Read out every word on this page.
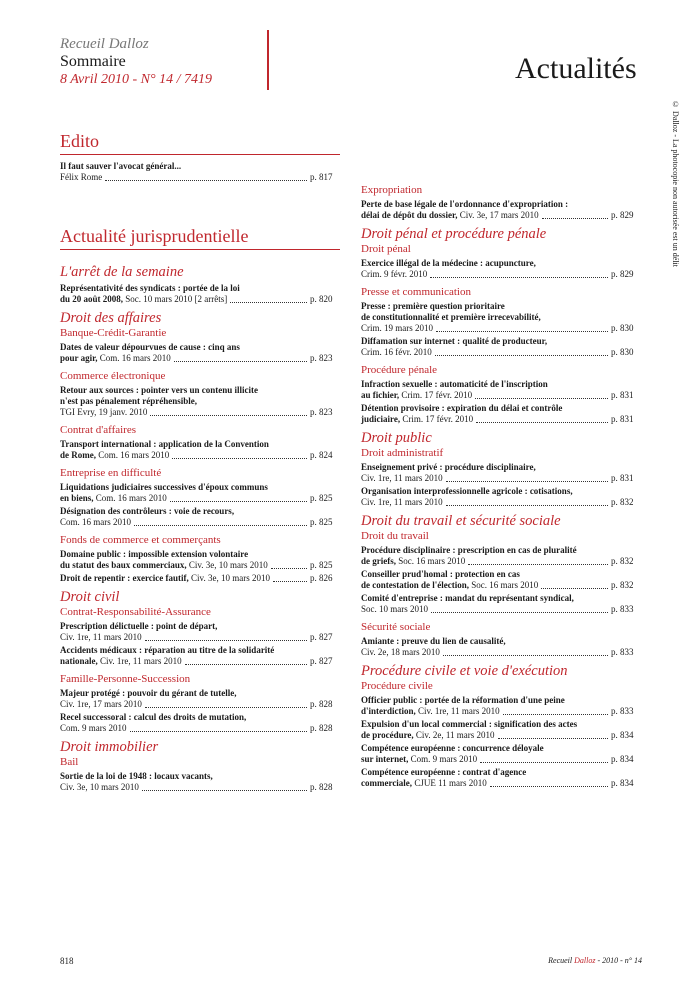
Recueil Dalloz
Sommaire
8 Avril 2010 - N° 14 / 7419	Actualités
© Dalloz - La photocopie non autorisée est un délit
Edito
Il faut sauver l'avocat général...
Félix Rome	p. 817
Actualité jurisprudentielle
L'arrêt de la semaine
Représentativité des syndicats : portée de la loi
du 20 août 2008, Soc. 10 mars 2010 [2 arrêts]	p. 820
Droit des affaires
Banque-Crédit-Garantie
Dates de valeur dépourvues de cause : cinq ans
pour agir, Com. 16 mars 2010	p. 823
Commerce électronique
Retour aux sources : pointer vers un contenu illicite
n'est pas pénalement répréhensible,
TGI Evry, 19 janv. 2010	p. 823
Contrat d'affaires
Transport international : application de la Convention
de Rome, Com. 16 mars 2010	p. 824
Entreprise en difficulté
Liquidations judiciaires successives d'époux communs
en biens, Com. 16 mars 2010	p. 825
Désignation des contrôleurs : voie de recours,
Com. 16 mars 2010	p. 825
Fonds de commerce et commerçants
Domaine public : impossible extension volontaire
du statut des baux commerciaux, Civ. 3e, 10 mars 2010	p. 825
Droit de repentir : exercice fautif, Civ. 3e, 10 mars 2010	p. 826
Droit civil
Contrat-Responsabilité-Assurance
Prescription délictuelle : point de départ,
Civ. 1re, 11 mars 2010	p. 827
Accidents médicaux : réparation au titre de la solidarité
nationale, Civ. 1re, 11 mars 2010	p. 827
Famille-Personne-Succession
Majeur protégé : pouvoir du gérant de tutelle,
Civ. 1re, 17 mars 2010	p. 828
Recel successoral : calcul des droits de mutation,
Com. 9 mars 2010	p. 828
Droit immobilier
Bail
Sortie de la loi de 1948 : locaux vacants,
Civ. 3e, 10 mars 2010	p. 828
Expropriation
Perte de base légale de l'ordonnance d'expropriation :
délai de dépôt du dossier, Civ. 3e, 17 mars 2010	p. 829
Droit pénal et procédure pénale
Droit pénal
Exercice illégal de la médecine : acupuncture,
Crim. 9 févr. 2010	p. 829
Presse et communication
Presse : première question prioritaire
de constitutionnalité et première irrecevabilité,
Crim. 19 mars 2010	p. 830
Diffamation sur internet : qualité de producteur,
Crim. 16 févr. 2010	p. 830
Procédure pénale
Infraction sexuelle : automaticité de l'inscription
au fichier, Crim. 17 févr. 2010	p. 831
Détention provisoire : expiration du délai et contrôle
judiciaire, Crim. 17 févr. 2010	p. 831
Droit public
Droit administratif
Enseignement privé : procédure disciplinaire,
Civ. 1re, 11 mars 2010	p. 831
Organisation interprofessionnelle agricole : cotisations,
Civ. 1re, 11 mars 2010	p. 832
Droit du travail et sécurité sociale
Droit du travail
Procédure disciplinaire : prescription en cas de pluralité
de griefs, Soc. 16 mars 2010	p. 832
Conseiller prud'homal : protection en cas
de contestation de l'élection, Soc. 16 mars 2010	p. 832
Comité d'entreprise : mandat du représentant syndical,
Soc. 10 mars 2010	p. 833
Sécurité sociale
Amiante : preuve du lien de causalité,
Civ. 2e, 18 mars 2010	p. 833
Procédure civile et voie d'exécution
Procédure civile
Officier public : portée de la réformation d'une peine
d'interdiction, Civ. 1re, 11 mars 2010	p. 833
Expulsion d'un local commercial : signification des actes
de procédure, Civ. 2e, 11 mars 2010	p. 834
Compétence européenne : concurrence déloyale
sur internet, Com. 9 mars 2010	p. 834
Compétence européenne : contrat d'agence
commerciale, CJUE 11 mars 2010	p. 834
818	Recueil Dalloz - 2010 - n° 14
